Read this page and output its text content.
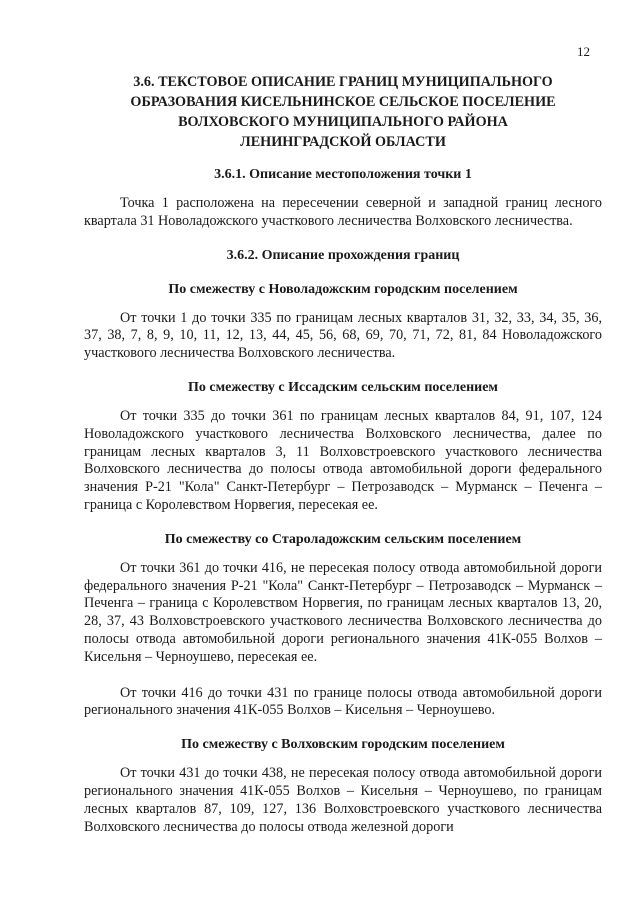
12
3.6. ТЕКСТОВОЕ ОПИСАНИЕ ГРАНИЦ МУНИЦИПАЛЬНОГО
ОБРАЗОВАНИЯ КИСЕЛЬНИНСКОЕ СЕЛЬСКОЕ ПОСЕЛЕНИЕ
ВОЛХОВСКОГО МУНИЦИПАЛЬНОГО РАЙОНА
ЛЕНИНГРАДСКОЙ ОБЛАСТИ
3.6.1. Описание местоположения точки 1

Точка 1 расположена на пересечении северной и западной границ лесного квартала 31 Новоладожского участкового лесничества Волховского лесничества.

3.6.2. Описание прохождения границ
По смежеству с Новоладожским городским поселением

От точки 1 до точки 335 по границам лесных кварталов 31, 32, 33, 34, 35, 36, 37, 38, 7, 8, 9, 10, 11, 12, 13, 44, 45, 56, 68, 69, 70, 71, 72, 81, 84 Новоладожского участкового лесничества Волховского лесничества.

По смежеству с Иссадским сельским поселением

От точки 335 до точки 361 по границам лесных кварталов 84, 91, 107, 124 Новоладожского участкового лесничества Волховского лесничества, далее по границам лесных кварталов 3, 11 Волховстроевского участкового лесничества Волховского лесничества до полосы отвода автомобильной дороги федерального значения Р-21 "Кола" Санкт-Петербург – Петрозаводск – Мурманск – Печенга – граница с Королевством Норвегия, пересекая ее.

По смежеству со Староладожским сельским поселением

От точки 361 до точки 416, не пересекая полосу отвода автомобильной дороги федерального значения Р-21 "Кола" Санкт-Петербург – Петрозаводск – Мурманск – Печенга – граница с Королевством Норвегия, по границам лесных кварталов 13, 20, 28, 37, 43 Волховстроевского участкового лесничества Волховского лесничества до полосы отвода автомобильной дороги регионального значения 41К-055 Волхов – Кисельня – Черноушево, пересекая ее.

От точки 416 до точки 431 по границе полосы отвода автомобильной дороги регионального значения 41К-055 Волхов – Кисельня – Черноушево.

По смежеству с Волховским городским поселением

От точки 431 до точки 438, не пересекая полосу отвода автомобильной дороги регионального значения 41К-055 Волхов – Кисельня – Черноушево, по границам лесных кварталов 87, 109, 127, 136 Волховстроевского участкового лесничества Волховского лесничества до полосы отвода железной дороги
